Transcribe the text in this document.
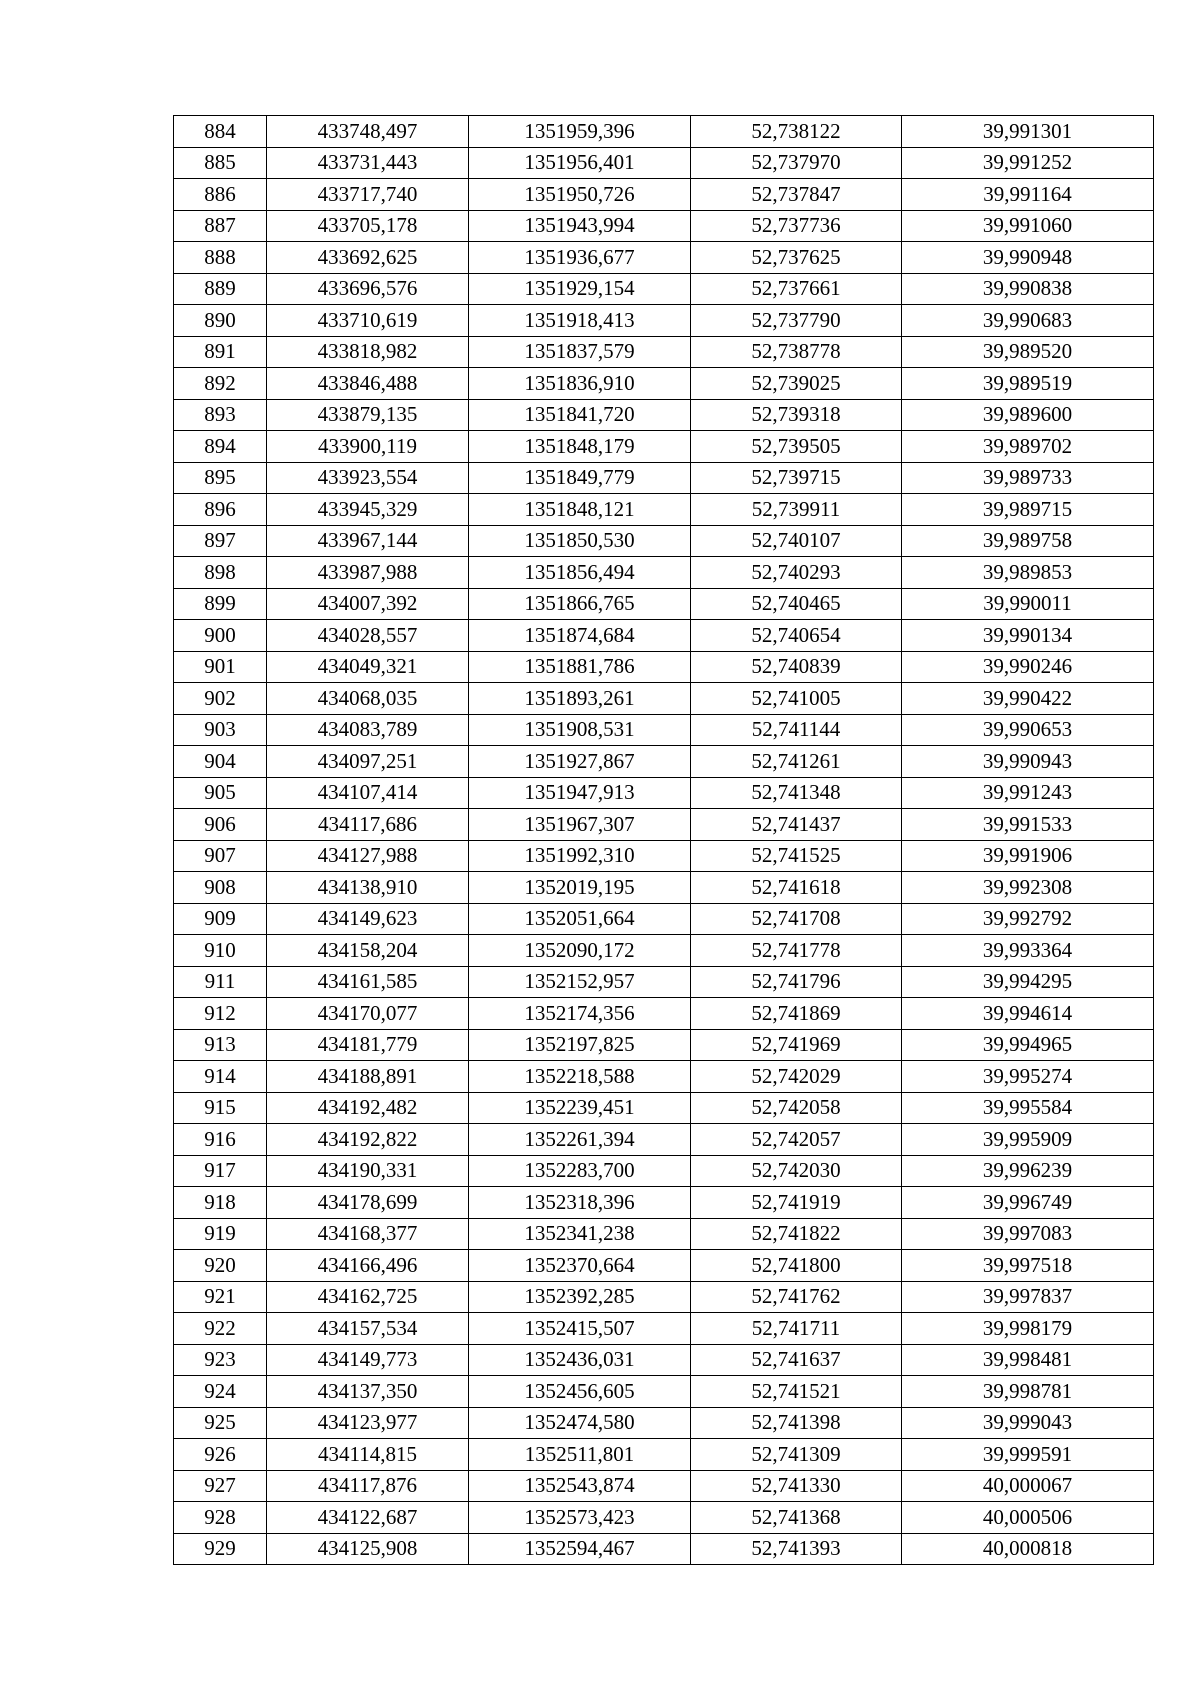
884	433748,497	1351959,396	52,738122	39,991301
885	433731,443	1351956,401	52,737970	39,991252
886	433717,740	1351950,726	52,737847	39,991164
887	433705,178	1351943,994	52,737736	39,991060
888	433692,625	1351936,677	52,737625	39,990948
889	433696,576	1351929,154	52,737661	39,990838
890	433710,619	1351918,413	52,737790	39,990683
891	433818,982	1351837,579	52,738778	39,989520
892	433846,488	1351836,910	52,739025	39,989519
893	433879,135	1351841,720	52,739318	39,989600
894	433900,119	1351848,179	52,739505	39,989702
895	433923,554	1351849,779	52,739715	39,989733
896	433945,329	1351848,121	52,739911	39,989715
897	433967,144	1351850,530	52,740107	39,989758
898	433987,988	1351856,494	52,740293	39,989853
899	434007,392	1351866,765	52,740465	39,990011
900	434028,557	1351874,684	52,740654	39,990134
901	434049,321	1351881,786	52,740839	39,990246
902	434068,035	1351893,261	52,741005	39,990422
903	434083,789	1351908,531	52,741144	39,990653
904	434097,251	1351927,867	52,741261	39,990943
905	434107,414	1351947,913	52,741348	39,991243
906	434117,686	1351967,307	52,741437	39,991533
907	434127,988	1351992,310	52,741525	39,991906
908	434138,910	1352019,195	52,741618	39,992308
909	434149,623	1352051,664	52,741708	39,992792
910	434158,204	1352090,172	52,741778	39,993364
911	434161,585	1352152,957	52,741796	39,994295
912	434170,077	1352174,356	52,741869	39,994614
913	434181,779	1352197,825	52,741969	39,994965
914	434188,891	1352218,588	52,742029	39,995274
915	434192,482	1352239,451	52,742058	39,995584
916	434192,822	1352261,394	52,742057	39,995909
917	434190,331	1352283,700	52,742030	39,996239
918	434178,699	1352318,396	52,741919	39,996749
919	434168,377	1352341,238	52,741822	39,997083
920	434166,496	1352370,664	52,741800	39,997518
921	434162,725	1352392,285	52,741762	39,997837
922	434157,534	1352415,507	52,741711	39,998179
923	434149,773	1352436,031	52,741637	39,998481
924	434137,350	1352456,605	52,741521	39,998781
925	434123,977	1352474,580	52,741398	39,999043
926	434114,815	1352511,801	52,741309	39,999591
927	434117,876	1352543,874	52,741330	40,000067
928	434122,687	1352573,423	52,741368	40,000506
929	434125,908	1352594,467	52,741393	40,000818
